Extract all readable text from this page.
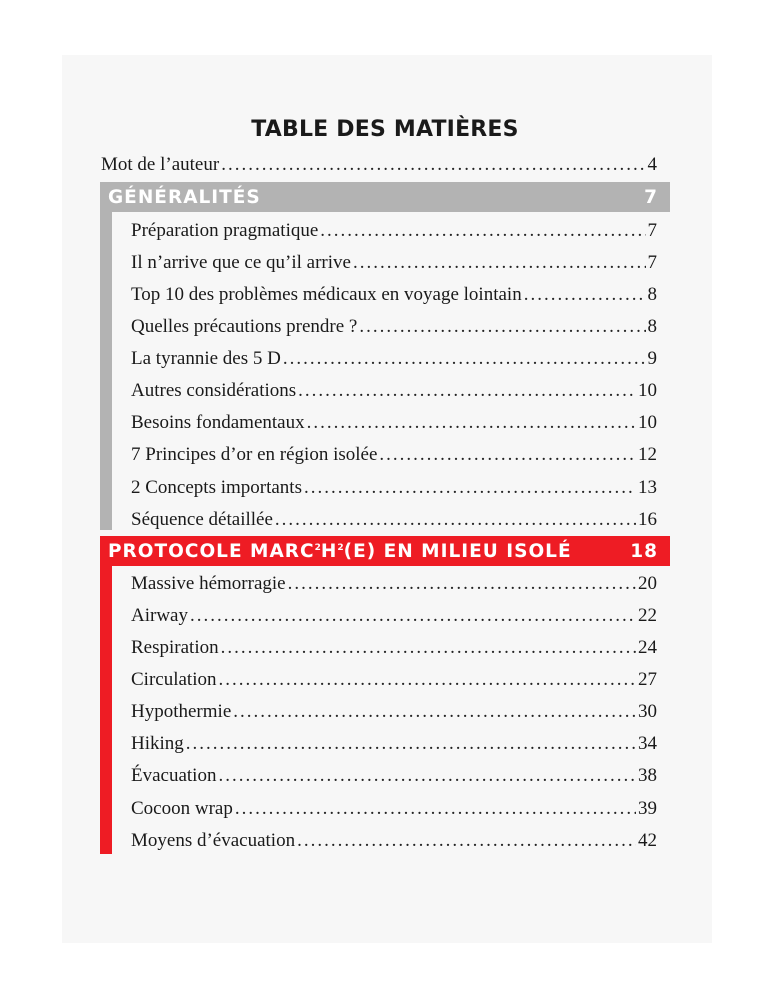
TABLE DES MATIÈRES
Mot de l’auteur .....	4
GÉNÉRALITÉS	7
Préparation pragmatique .....	7
Il n’arrive que ce qu’il arrive .....	7
Top 10 des problèmes médicaux en voyage lointain .....	8
Quelles précautions prendre ? .....	8
La tyrannie des 5 D .....	9
Autres considérations .....	10
Besoins fondamentaux .....	10
7 Principes d’or en région isolée .....	12
2 Concepts importants .....	13
Séquence détaillée .....	16
PROTOCOLE $MARC^2H^2(E)$ EN MILIEU ISOLÉ	18
Massive hémorragie .....	20
Airway .....	22
Respiration .....	24
Circulation .....	27
Hypothermie .....	30
Hiking .....	34
Évacuation .....	38
Cocoon wrap .....	39
Moyens d’évacuation .....	42
